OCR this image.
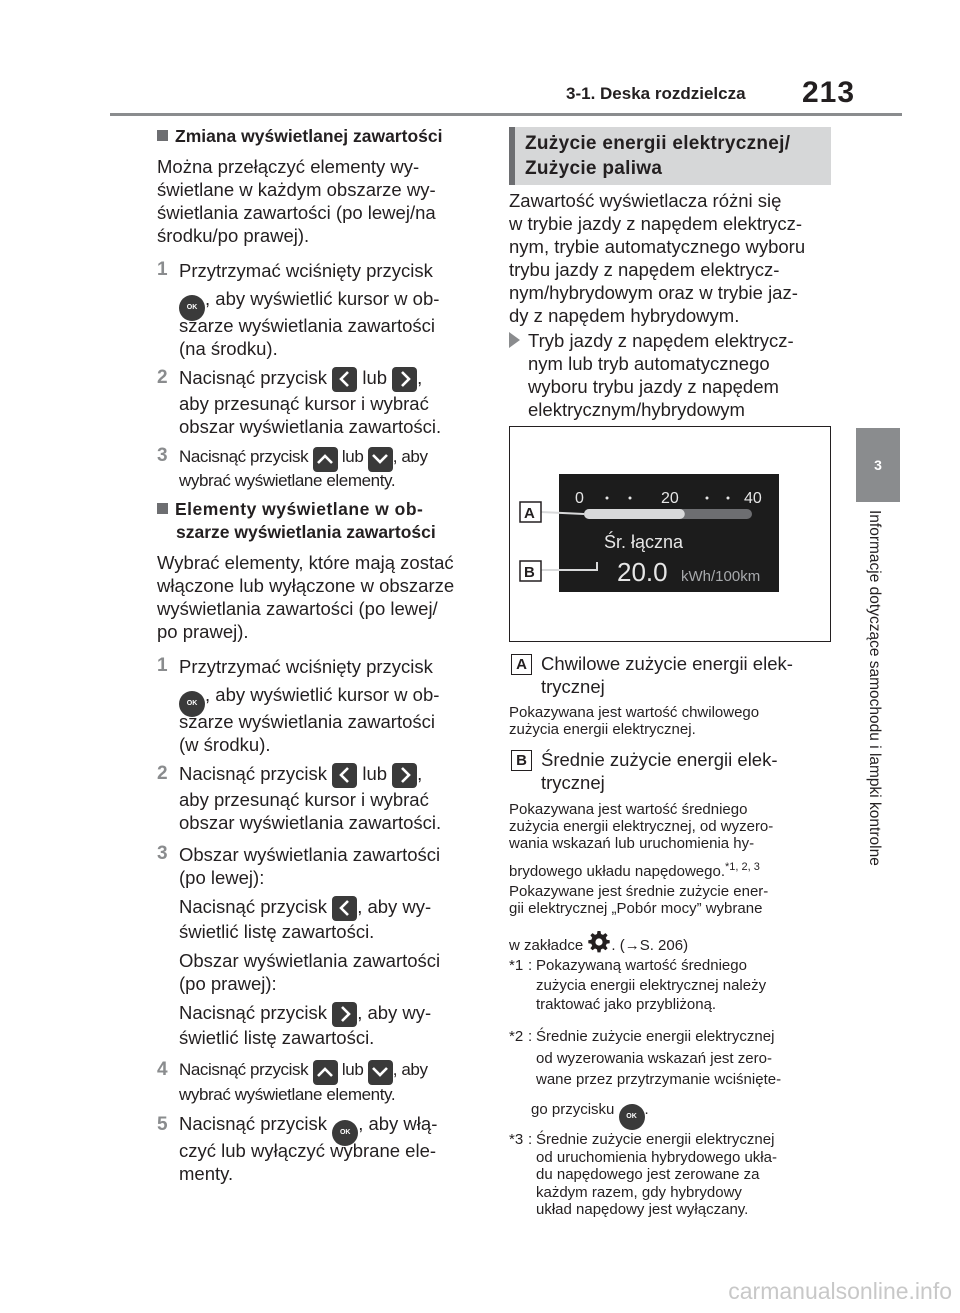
3-1. Deska rozdzielcza 213
3
Informacje dotyczące samochodu i lampki kontrolne

Zmiana wyświetlanej zawartości

Można przełączyć elementy wy-

świetlane w każdym obszarze wy-

świetlania zawartości (po lewej/na

środku/po prawej).

1 Przytrzymać wciśnięty przycisk

OK , aby wyświetlić kursor w ob-

szarze wyświetlania zawartości

(na środku).

2 Nacisnąć przycisk lub ,

aby przesunąć kursor i wybrać

obszar wyświetlania zawartości.

3 Nacisnąć przycisk lub , aby

wybrać wyświetlane elementy.

Elementy wyświetlane w ob-

szarze wyświetlania zawartości

Wybrać elementy, które mają zostać

włączone lub wyłączone w obszarze

wyświetlania zawartości (po lewej/

po prawej).

1 Przytrzymać wciśnięty przycisk

OK , aby wyświetlić kursor w ob-

szarze wyświetlania zawartości

(w środku).

2 Nacisnąć przycisk lub ,

aby przesunąć kursor i wybrać

obszar wyświetlania zawartości.

3 Obszar wyświetlania zawartości

(po lewej):

Nacisnąć przycisk , aby wy-

świetlić listę zawartości.

Obszar wyświetlania zawartości

(po prawej):

Nacisnąć przycisk , aby wy-

świetlić listę zawartości.

4 Nacisnąć przycisk lub , aby

wybrać wyświetlane elementy.

5 Nacisnąć przycisk OK , aby włą-

czyć lub wyłączyć wybrane ele-

menty.

Zużycie energii elektrycznej/
Zużycie paliwa

Zawartość wyświetlacza różni się

w trybie jazdy z napędem elektrycz-

nym, trybie automatycznego wyboru

trybu jazdy z napędem elektrycz-

nym/hybrydowym oraz w trybie jaz-

dy z napędem hybrydowym.

Tryb jazdy z napędem elektrycz-

nym lub tryb automatycznego

wyboru trybu jazdy z napędem

elektrycznym/hybrydowym

0	20	40
Śr. łączna
20.0 kWh/100km
A
B
A Chwilowe zużycie energii elek-

trycznej

Pokazywana jest wartość chwilowego

zużycia energii elektrycznej.

B Średnie zużycie energii elek-

trycznej

Pokazywana jest wartość średniego

zużycia energii elektrycznej, od wyzero-

wania wskazań lub uruchomienia hy-

brydowego układu napędowego.$^{*1, 2, 3}$

Pokazywane jest średnie zużycie ener-

gii elektrycznej „Pobór mocy” wybrane

w zakładce . (→S. 206)

*1 : Pokazywaną wartość średniego
zużycia energii elektrycznej należy
traktować jako przybliżoną.
*2 : Średnie zużycie energii elektrycznej
od wyzerowania wskazań jest zero-
wane przez przytrzymanie wciśnięte-

go przycisku OK .

*3 : Średnie zużycie energii elektrycznej
od uruchomienia hybrydowego ukła-
du napędowego jest zerowane za
każdym razem, gdy hybrydowy
układ napędowy jest wyłączany.
carmanualsonline.info
